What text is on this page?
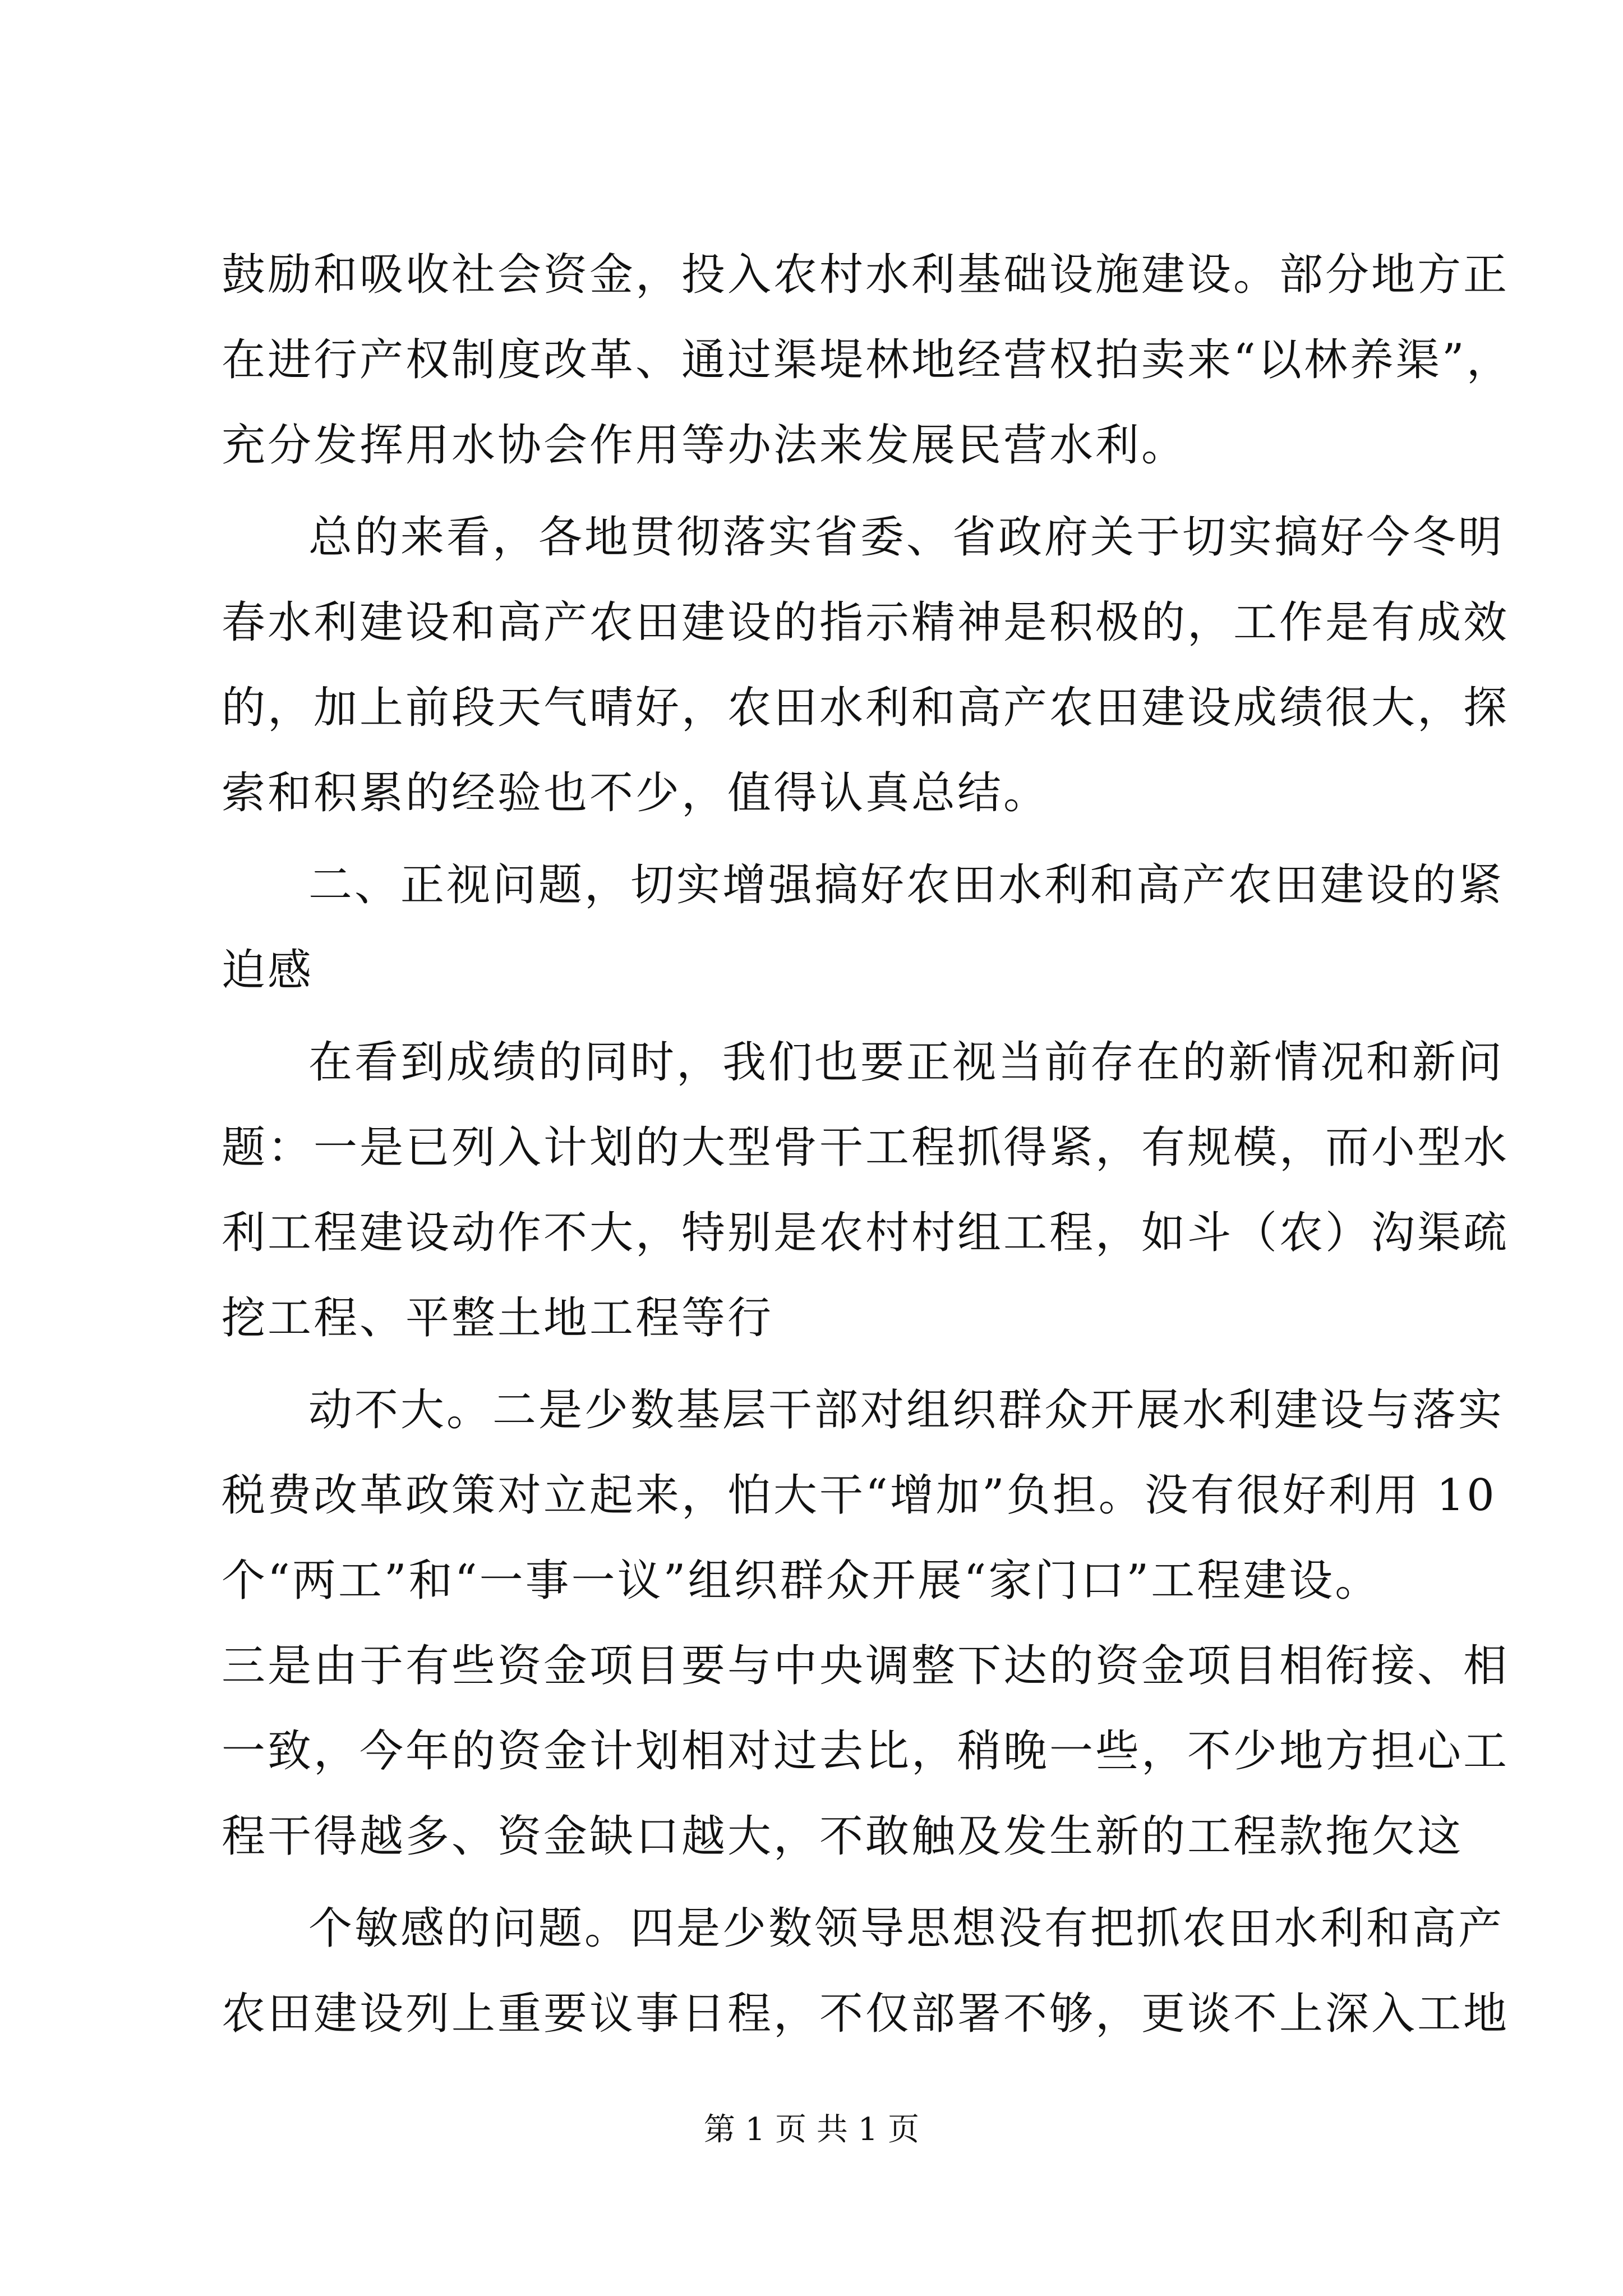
鼓励和吸收社会资金，投入农村水利基础设施建设。部分地方正
在进行产权制度改革、通过渠堤林地经营权拍卖来“以林养渠”，
充分发挥用水协会作用等办法来发展民营水利。
总的来看，各地贯彻落实省委、省政府关于切实搞好今冬明
春水利建设和高产农田建设的指示精神是积极的，工作是有成效
的，加上前段天气晴好，农田水利和高产农田建设成绩很大，探
索和积累的经验也不少，值得认真总结。
二、正视问题，切实增强搞好农田水利和高产农田建设的紧
迫感
在看到成绩的同时，我们也要正视当前存在的新情况和新问
题：一是已列入计划的大型骨干工程抓得紧，有规模，而小型水
利工程建设动作不大，特别是农村村组工程，如斗（农）沟渠疏
挖工程、平整土地工程等行
动不大。二是少数基层干部对组织群众开展水利建设与落实
税费改革政策对立起来，怕大干“增加”负担。没有很好利用 10
个“两工”和“一事一议”组织群众开展“家门口”工程建设。
三是由于有些资金项目要与中央调整下达的资金项目相衔接、相
一致，今年的资金计划相对过去比，稍晚一些，不少地方担心工
程干得越多、资金缺口越大，不敢触及发生新的工程款拖欠这
个敏感的问题。四是少数领导思想没有把抓农田水利和高产
农田建设列上重要议事日程，不仅部署不够，更谈不上深入工地
第 1 页 共 1 页
